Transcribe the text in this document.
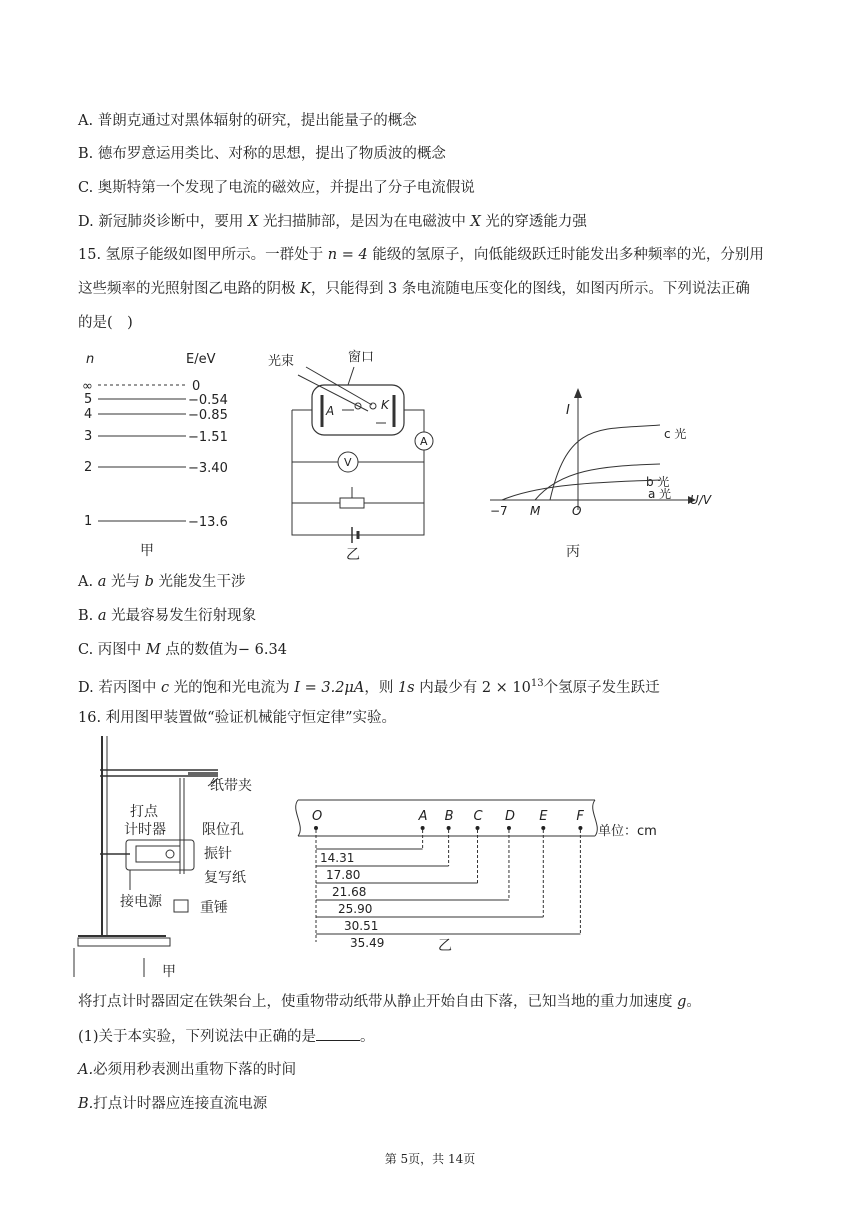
A. 普朗克通过对黑体辐射的研究，提出能量子的概念
B. 德布罗意运用类比、对称的思想，提出了物质波的概念
C. 奥斯特第一个发现了电流的磁效应，并提出了分子电流假说
D. 新冠肺炎诊断中，要用 X 光扫描肺部，是因为在电磁波中 X 光的穿透能力强
15. 氢原子能级如图甲所示。一群处于 n = 4 能级的氢原子，向低能级跃迁时能发出多种频率的光，分别用
这些频率的光照射图乙电路的阴极 K，只能得到 3 条电流随电压变化的图线，如图丙所示。下列说法正确
的是(　)
n	E/eV
∞	0
5	−0.54
4	−0.85
3	−1.51
2	−3.40
1	−13.6
甲
光束	窗口
A	K
A
V
乙
U/V
I
c 光
b 光
a 光
−7 M	O
丙
A. a 光与 b 光能发生干涉
B. a 光最容易发生衍射现象
C. 丙图中 M 点的数值为− 6.34
D. 若丙图中 c 光的饱和光电流为 I = 3.2μA，则 1s 内最少有 $2 \times 10^{13}$个氢原子发生跃迁
16. 利用图甲装置做“验证机械能守恒定律”实验。
纸带夹
打点
计时器	限位孔
振针
复写纸
接电源	重锤
甲
单位：cm
O	A B C D E F
14.31
17.80
21.68
25.90
30.51
35.49	乙
将打点计时器固定在铁架台上，使重物带动纸带从静止开始自由下落，已知当地的重力加速度 g。
(1)关于本实验，下列说法中正确的是	。
A.必须用秒表测出重物下落的时间
B.打点计时器应连接直流电源
第 5页，共 14页
